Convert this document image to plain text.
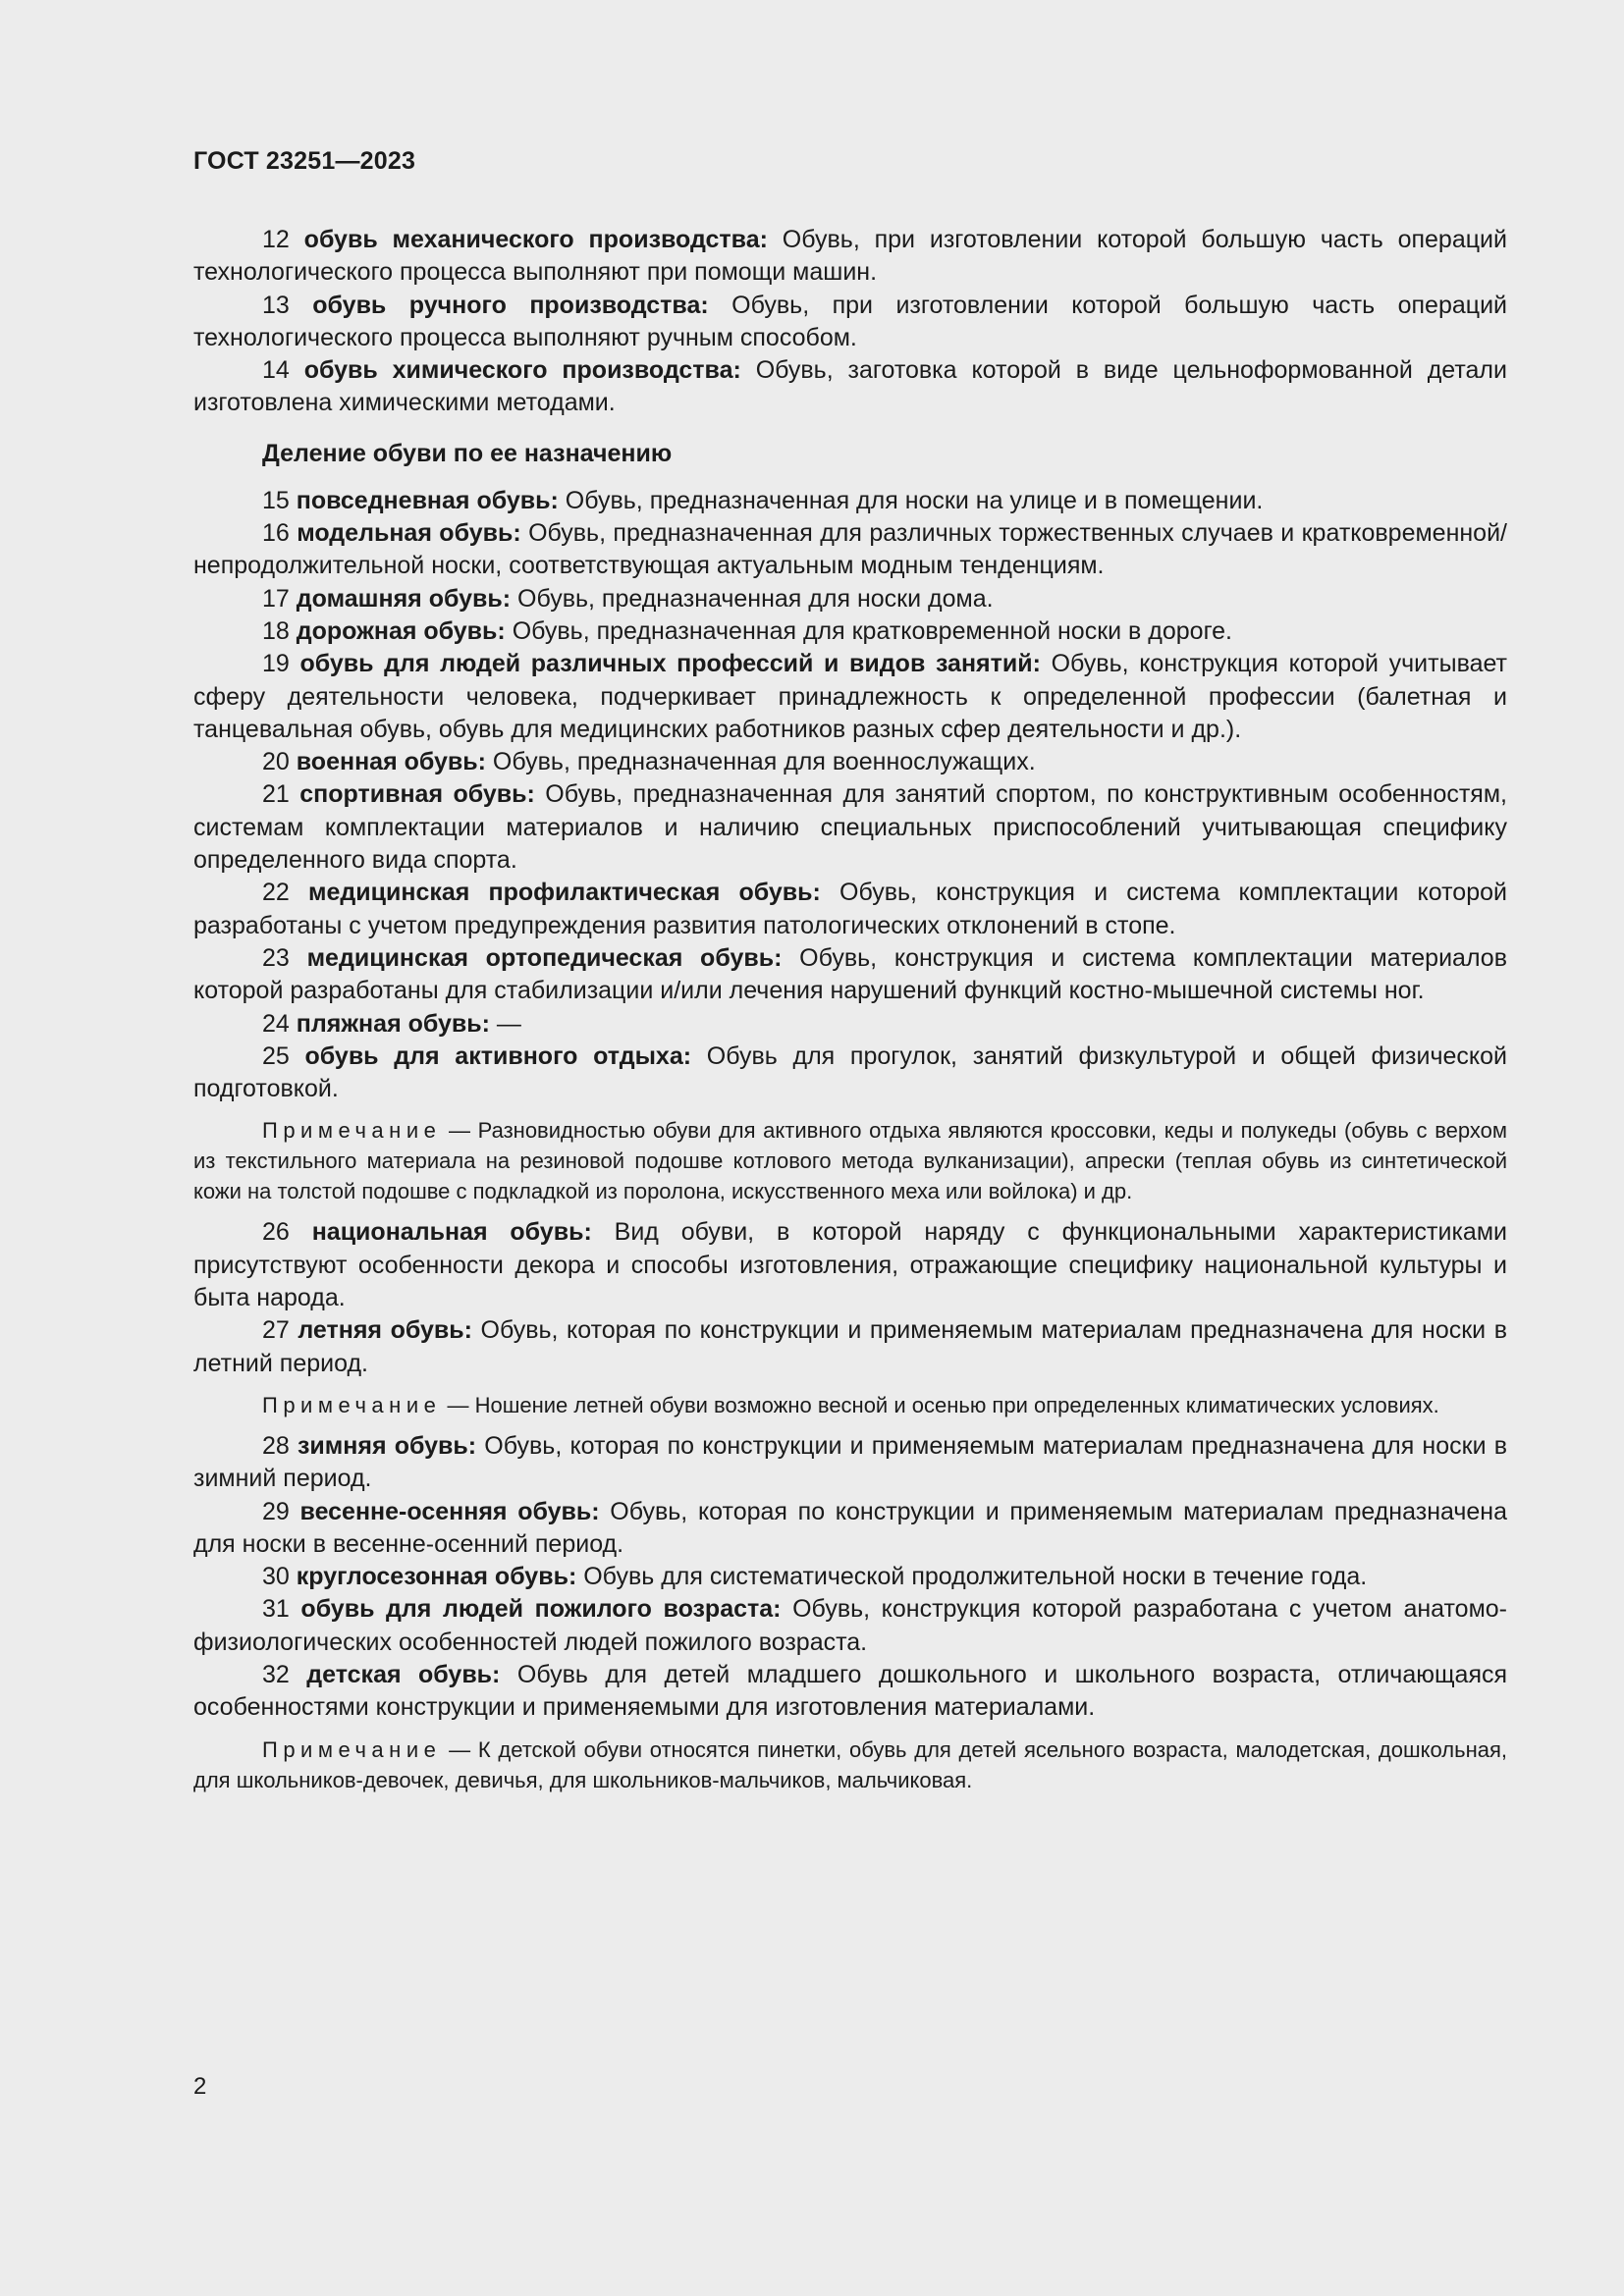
ГОСТ 23251—2023

12 обувь механического производства: Обувь, при изготовлении которой большую часть операций технологического процесса выполняют при помощи машин.

13 обувь ручного производства: Обувь, при изготовлении которой большую часть операций технологического процесса выполняют ручным способом.

14 обувь химического производства: Обувь, заготовка которой в виде цельноформованной детали изготовлена химическими методами.

Деление обуви по ее назначению

15 повседневная обувь: Обувь, предназначенная для носки на улице и в помещении.

16 модельная обувь: Обувь, предназначенная для различных торжественных случаев и кратковременной/непродолжительной носки, соответствующая актуальным модным тенденциям.

17 домашняя обувь: Обувь, предназначенная для носки дома.

18 дорожная обувь: Обувь, предназначенная для кратковременной носки в дороге.

19 обувь для людей различных профессий и видов занятий: Обувь, конструкция которой учитывает сферу деятельности человека, подчеркивает принадлежность к определенной профессии (балетная и танцевальная обувь, обувь для медицинских работников разных сфер деятельности и др.).

20 военная обувь: Обувь, предназначенная для военнослужащих.

21 спортивная обувь: Обувь, предназначенная для занятий спортом, по конструктивным особенностям, системам комплектации материалов и наличию специальных приспособлений учитывающая специфику определенного вида спорта.

22 медицинская профилактическая обувь: Обувь, конструкция и система комплектации которой разработаны с учетом предупреждения развития патологических отклонений в стопе.

23 медицинская ортопедическая обувь: Обувь, конструкция и система комплектации материалов которой разработаны для стабилизации и/или лечения нарушений функций костно-мышечной системы ног.

24 пляжная обувь: —

25 обувь для активного отдыха: Обувь для прогулок, занятий физкультурой и общей физической подготовкой.

Примечание — Разновидностью обуви для активного отдыха являются кроссовки, кеды и полукеды (обувь с верхом из текстильного материала на резиновой подошве котлового метода вулканизации), апрески (теплая обувь из синтетической кожи на толстой подошве с подкладкой из поролона, искусственного меха или войлока) и др.

26 национальная обувь: Вид обуви, в которой наряду с функциональными характеристиками присутствуют особенности декора и способы изготовления, отражающие специфику национальной культуры и быта народа.

27 летняя обувь: Обувь, которая по конструкции и применяемым материалам предназначена для носки в летний период.

Примечание — Ношение летней обуви возможно весной и осенью при определенных климатических условиях.

28 зимняя обувь: Обувь, которая по конструкции и применяемым материалам предназначена для носки в зимний период.

29 весенне-осенняя обувь: Обувь, которая по конструкции и применяемым материалам предназначена для носки в весенне-осенний период.

30 круглосезонная обувь: Обувь для систематической продолжительной носки в течение года.

31 обувь для людей пожилого возраста: Обувь, конструкция которой разработана с учетом анатомо-физиологических особенностей людей пожилого возраста.

32 детская обувь: Обувь для детей младшего дошкольного и школьного возраста, отличающаяся особенностями конструкции и применяемыми для изготовления материалами.

Примечание — К детской обуви относятся пинетки, обувь для детей ясельного возраста, малодетская, дошкольная, для школьников-девочек, девичья, для школьников-мальчиков, мальчиковая.

2
